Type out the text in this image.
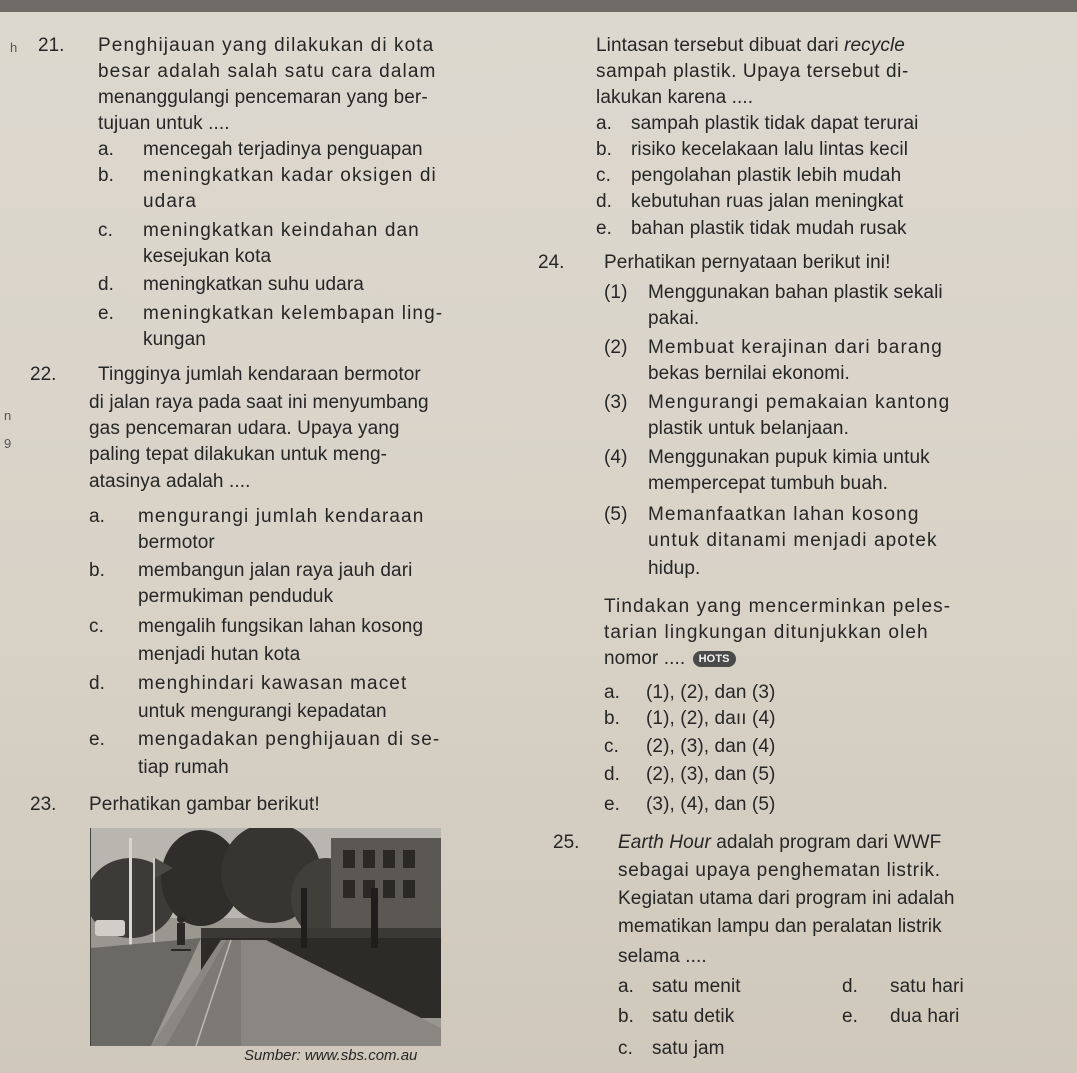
h
n
9
21. Penghijauan yang dilakukan di kota
besar adalah salah satu cara dalam
menanggulangi pencemaran yang ber-
tujuan untuk ....
a. mencegah terjadinya penguapan
b. meningkatkan kadar oksigen di
udara
c. meningkatkan keindahan dan
kesejukan kota
d. meningkatkan suhu udara
e. meningkatkan kelembapan ling-
kungan
22. Tingginya jumlah kendaraan bermotor
di jalan raya pada saat ini menyumbang
gas pencemaran udara. Upaya yang
paling tepat dilakukan untuk meng-
atasinya adalah ....
a. mengurangi jumlah kendaraan
bermotor
b. membangun jalan raya jauh dari
permukiman penduduk
c. mengalih fungsikan lahan kosong
menjadi hutan kota
d. menghindari kawasan macet
untuk mengurangi kepadatan
e. mengadakan penghijauan di se-
tiap rumah
23. Perhatikan gambar berikut!
Sumber: www.sbs.com.au
Lintasan tersebut dibuat dari recycle
sampah plastik. Upaya tersebut di-
lakukan karena ....
a. sampah plastik tidak dapat terurai
b. risiko kecelakaan lalu lintas kecil
c. pengolahan plastik lebih mudah
d. kebutuhan ruas jalan meningkat
e. bahan plastik tidak mudah rusak
24. Perhatikan pernyataan berikut ini!
(1) Menggunakan bahan plastik sekali
pakai.
(2) Membuat kerajinan dari barang
bekas bernilai ekonomi.
(3) Mengurangi pemakaian kantong
plastik untuk belanjaan.
(4) Menggunakan pupuk kimia untuk
mempercepat tumbuh buah.
(5) Memanfaatkan lahan kosong
untuk ditanami menjadi apotek
hidup.
Tindakan yang mencerminkan peles-
tarian lingkungan ditunjukkan oleh
nomor .... HOTS
a. (1), (2), dan (3)
b. (1), (2), daıı (4)
c. (2), (3), dan (4)
d. (2), (3), dan (5)
e. (3), (4), dan (5)
25. Earth Hour adalah program dari WWF
sebagai upaya penghematan listrik.
Kegiatan utama dari program ini adalah
mematikan lampu dan peralatan listrik
selama ....
a. satu menit
b. satu detik
c. satu jam
d. satu hari
e. dua hari
